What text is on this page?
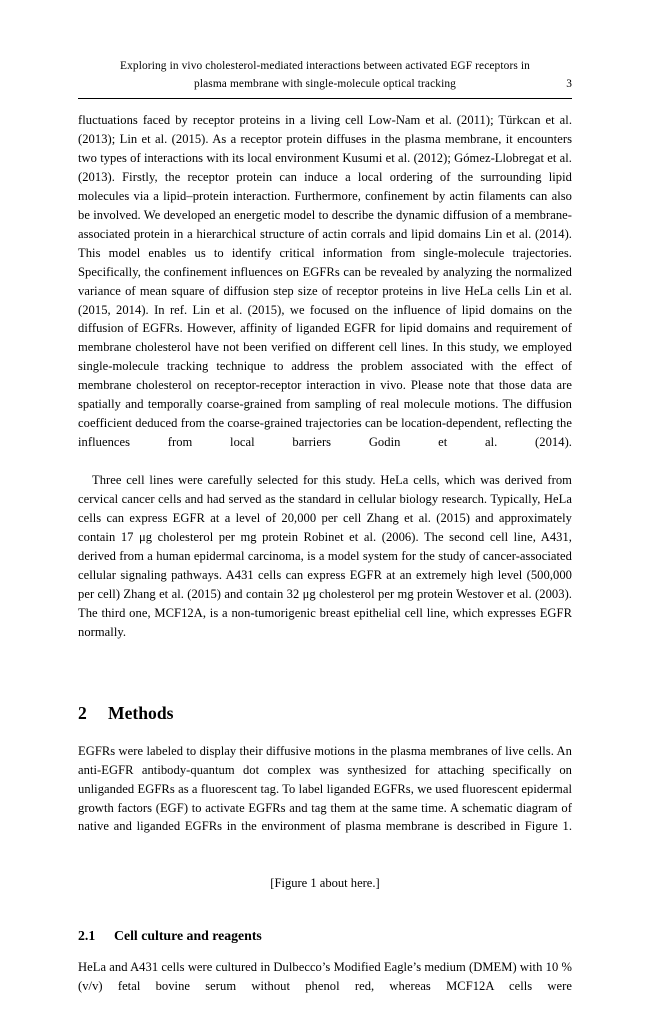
Exploring in vivo cholesterol-mediated interactions between activated EGF receptors in
plasma membrane with single-molecule optical tracking	3

fluctuations faced by receptor proteins in a living cell Low-Nam et al. (2011); Türkcan et al. (2013); Lin et al. (2015). As a receptor protein diffuses in the plasma membrane, it encounters two types of interactions with its local environment Kusumi et al. (2012); Gómez-Llobregat et al. (2013). Firstly, the receptor protein can induce a local ordering of the surrounding lipid molecules via a lipid–protein interaction. Furthermore, confinement by actin filaments can also be involved. We developed an energetic model to describe the dynamic diffusion of a membrane-associated protein in a hierarchical structure of actin corrals and lipid domains Lin et al. (2014). This model enables us to identify critical information from single-molecule trajectories. Specifically, the confinement influences on EGFRs can be revealed by analyzing the normalized variance of mean square of diffusion step size of receptor proteins in live HeLa cells Lin et al. (2015, 2014). In ref. Lin et al. (2015), we focused on the influence of lipid domains on the diffusion of EGFRs. However, affinity of liganded EGFR for lipid domains and requirement of membrane cholesterol have not been verified on different cell lines. In this study, we employed single-molecule tracking technique to address the problem associated with the effect of membrane cholesterol on receptor-receptor interaction in vivo. Please note that those data are spatially and temporally coarse-grained from sampling of real molecule motions. The diffusion coefficient deduced from the coarse-grained trajectories can be location-dependent, reflecting the influences from local barriers Godin et al. (2014).

Three cell lines were carefully selected for this study. HeLa cells, which was derived from cervical cancer cells and had served as the standard in cellular biology research. Typically, HeLa cells can express EGFR at a level of 20,000 per cell Zhang et al. (2015) and approximately contain 17 μg cholesterol per mg protein Robinet et al. (2006). The second cell line, A431, derived from a human epidermal carcinoma, is a model system for the study of cancer-associated cellular signaling pathways. A431 cells can express EGFR at an extremely high level (500,000 per cell) Zhang et al. (2015) and contain 32 μg cholesterol per mg protein Westover et al. (2003). The third one, MCF12A, is a non-tumorigenic breast epithelial cell line, which expresses EGFR normally.

2	Methods

EGFRs were labeled to display their diffusive motions in the plasma membranes of live cells. An anti-EGFR antibody-quantum dot complex was synthesized for attaching specifically on unliganded EGFRs as a fluorescent tag. To label liganded EGFRs, we used fluorescent epidermal growth factors (EGF) to activate EGFRs and tag them at the same time. A schematic diagram of native and liganded EGFRs in the environment of plasma membrane is described in Figure 1.

[Figure 1 about here.]

2.1	Cell culture and reagents

HeLa and A431 cells were cultured in Dulbecco’s Modified Eagle’s medium (DMEM) with 10 % (v/v) fetal bovine serum without phenol red, whereas MCF12A cells were
